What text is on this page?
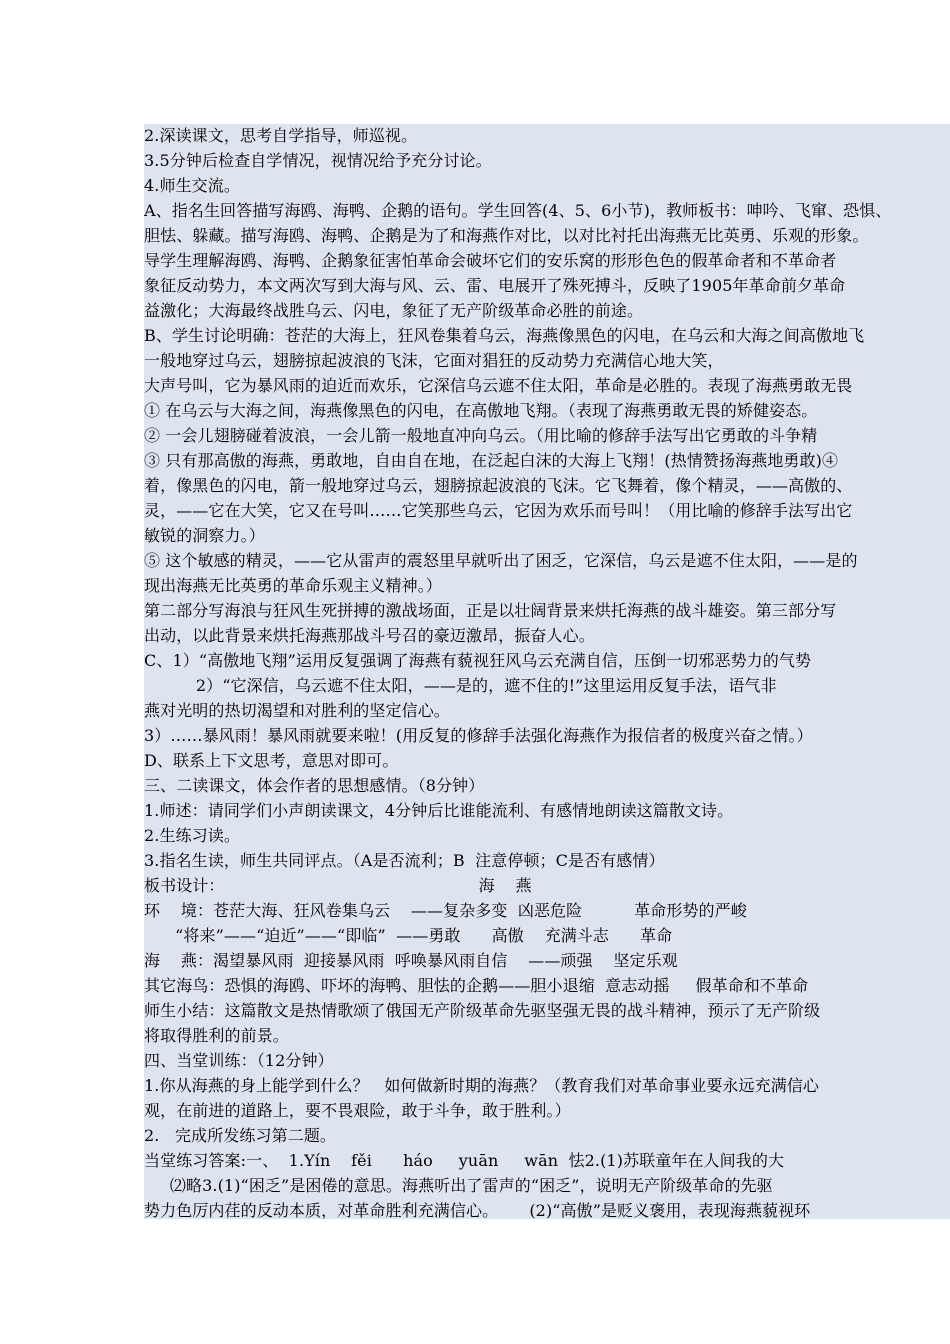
2.深读课文，思考自学指导，师巡视。
3.5分钟后检查自学情况，视情况给予充分讨论。
4.师生交流。
A、指名生回答描写海鸥、海鸭、企鹅的语句。学生回答(4、5、6小节)，教师板书：呻吟、飞窜、恐惧、
胆怯、躲藏。描写海鸥、海鸭、企鹅是为了和海燕作对比，以对比衬托出海燕无比英勇、乐观的形象。
导学生理解海鸥、海鸭、企鹅象征害怕革命会破坏它们的安乐窝的形形色色的假革命者和不革命者
象征反动势力，本文两次写到大海与风、云、雷、电展开了殊死搏斗，反映了1905年革命前夕革命
益激化；大海最终战胜乌云、闪电，象征了无产阶级革命必胜的前途。
B、学生讨论明确：苍茫的大海上，狂风卷集着乌云，海燕像黑色的闪电，在乌云和大海之间高傲地飞
一般地穿过乌云，翅膀掠起波浪的飞沫，它面对猖狂的反动势力充满信心地大笑，
大声号叫，它为暴风雨的迫近而欢乐，它深信乌云遮不住太阳，革命是必胜的。表现了海燕勇敢无畏
① 在乌云与大海之间，海燕像黑色的闪电，在高傲地飞翔。（表现了海燕勇敢无畏的矫健姿态。
② 一会儿翅膀碰着波浪，一会儿箭一般地直冲向乌云。（用比喻的修辞手法写出它勇敢的斗争精
③ 只有那高傲的海燕，勇敢地，自由自在地，在泛起白沫的大海上飞翔！(热情赞扬海燕地勇敢)④
着，像黑色的闪电，箭一般地穿过乌云，翅膀掠起波浪的飞沫。它飞舞着，像个精灵，——高傲的、
灵，——它在大笑，它又在号叫……它笑那些乌云，它因为欢乐而号叫！（用比喻的修辞手法写出它
敏锐的洞察力。）
⑤ 这个敏感的精灵，——它从雷声的震怒里早就听出了困乏，它深信，乌云是遮不住太阳，——是的
现出海燕无比英勇的革命乐观主义精神。）
第二部分写海浪与狂风生死拼搏的激战场面，正是以壮阔背景来烘托海燕的战斗雄姿。第三部分写
出动，以此背景来烘托海燕那战斗号召的豪迈激昂，振奋人心。
C、1）“高傲地飞翔”运用反复强调了海燕有藐视狂风乌云充满自信，压倒一切邪恶势力的气势
2）“它深信，乌云遮不住太阳，——是的，遮不住的!”这里运用反复手法，语气非
燕对光明的热切渴望和对胜利的坚定信心。
3）……暴风雨！暴风雨就要来啦！(用反复的修辞手法强化海燕作为报信者的极度兴奋之情。）
D、联系上下文思考，意思对即可。
三、二读课文，体会作者的思想感情。（8分钟）
1.师述：请同学们小声朗读课文，4分钟后比谁能流利、有感情地朗读这篇散文诗。
2.生练习读。
3.指名生读，师生共同评点。（A是否流利；B  注意停顿；C是否有感情）
板书设计：                                                 海    燕
环    境：苍茫大海、狂风卷集乌云    ——复杂多变  凶恶危险          革命形势的严峻
“将来”——“迫近”——“即临”  ——勇敢      高傲    充满斗志      革命
海    燕：渴望暴风雨  迎接暴风雨  呼唤暴风雨自信    ——顽强    坚定乐观
其它海鸟：恐惧的海鸥、吓坏的海鸭、胆怯的企鹅——胆小退缩  意志动摇     假革命和不革命
师生小结：这篇散文是热情歌颂了俄国无产阶级革命先驱坚强无畏的战斗精神，预示了无产阶级
将取得胜利的前景。
四、当堂训练：（12分钟）
1.你从海燕的身上能学到什么？   如何做新时期的海燕？（教育我们对革命事业要永远充满信心
观，在前进的道路上，要不畏艰险，敢于斗争，敢于胜利。）
2.   完成所发练习第二题。
当堂练习答案:一、  1.Yín    fěi      háo     yuān     wān  怯2.(1)苏联童年在人间我的大
⑵略3.(1)“困乏”是困倦的意思。海燕听出了雷声的“困乏”，说明无产阶级革命的先驱
势力色厉内荏的反动本质，对革命胜利充满信心。      (2)“高傲”是贬义褒用，表现海燕藐视环
